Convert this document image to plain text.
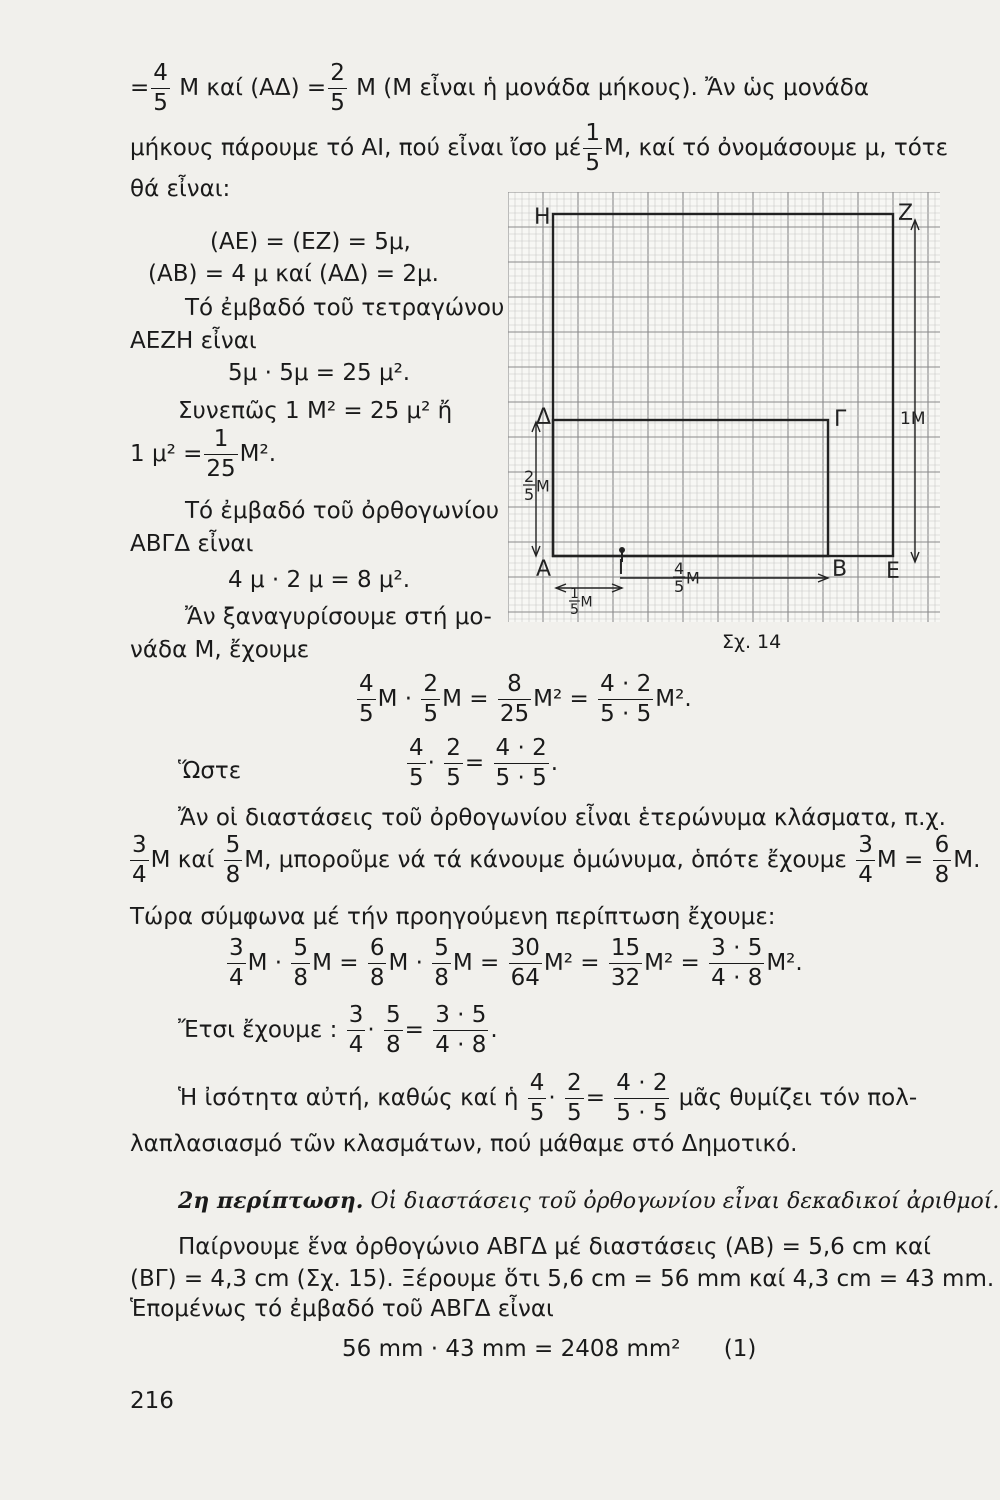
= $\frac{4}{5}$ Μ καί $(A\Delta) = \frac{2}{5}$ Μ (Μ εἶναι ἡ μονάδα μήκους). Ἄν ὡς μονάδα
μήκους πάρουμε τό ΑΙ, πού εἶναι ἴσο μέ $\frac{1}{5} M$, καί τό ὀνομάσουμε μ, τότε
θά εἶναι:
(ΑΕ) = (ΕΖ) = 5μ,
(ΑΒ) = 4 μ καί (ΑΔ) = 2μ.
Τό ἐμβαδό τοῦ τετραγώνου
ΑΕΖΗ εἶναι
5μ · 5μ = 25 μ².
Συνεπῶς 1 Μ² = 25 μ² ἤ
1 $\mu^2 = \frac{1}{25} M^2$.
Τό ἐμβαδό τοῦ ὀρθογωνίου
ΑΒΓΔ εἶναι
4 μ · 2 μ = 8 μ².
Ἄν ξαναγυρίσουμε στή μο-
νάδα Μ, ἔχουμε
Η	Ζ
Δ	Γ	1Μ
Α	Ι	Β Ε
2
5 Μ
4
5 Μ
1
5 Μ
Σχ. 14
$\frac{4}{5}$ $M \cdot \frac{2}{5}$ $M = \frac{8}{25} M^2 = \frac{4 \cdot 2}{5 \cdot 5} M^2$.
Ὥστε	$\frac{4}{5} \cdot \frac{2}{5} = \frac{4 \cdot 2}{5 \cdot 5}$ .
Ἄν οἱ διαστάσεις τοῦ ὀρθογωνίου εἶναι ἑτερώνυμα κλάσματα, π.χ.
$\frac{3}{4}$ Μ καί $\frac{5}{8} M$, μποροῦμε νά τά κάνουμε ὁμώνυμα, ὁπότε ἔχουμε $\frac{3}{4}$ $M = \frac{6}{8} M$.
Τώρα σύμφωνα μέ τήν προηγούμενη περίπτωση ἔχουμε:
$\frac{3}{4}$ $M \cdot \frac{5}{8}$ $M = \frac{6}{8}$ $M \cdot \frac{5}{8}$ $M = \frac{30}{64} M^2 = \frac{15}{32} M^2 = \frac{3 \cdot 5}{4 \cdot 8} M^2$.
Ἔτσι ἔχουμε : $\frac{3}{4} \cdot \frac{5}{8} = \frac{3 \cdot 5}{4 \cdot 8}$ .
Ἡ ἰσότητα αὐτή, καθώς καί ἡ $\frac{4}{5} \cdot \frac{2}{5} = \frac{4 \cdot 2}{5 \cdot 5}$ μᾶς θυμίζει τόν πολ-
λαπλασιασμό τῶν κλασμάτων, πού μάθαμε στό Δημοτικό.
2η περίπτωση. Οἱ διαστάσεις τοῦ ὀρθογωνίου εἶναι δεκαδικοί ἀριθμοί.
Παίρνουμε ἕνα ὀρθογώνιο ΑΒΓΔ μέ διαστάσεις (ΑΒ) = 5,6 cm καί
(ΒΓ) = 4,3 cm (Σχ. 15). Ξέρουμε ὅτι 5,6 cm = 56 mm καί 4,3 cm = 43 mm.
Ἑπομένως τό ἐμβαδό τοῦ ΑΒΓΔ εἶναι
56 mm · 43 mm = 2408 mm² (1)
216
